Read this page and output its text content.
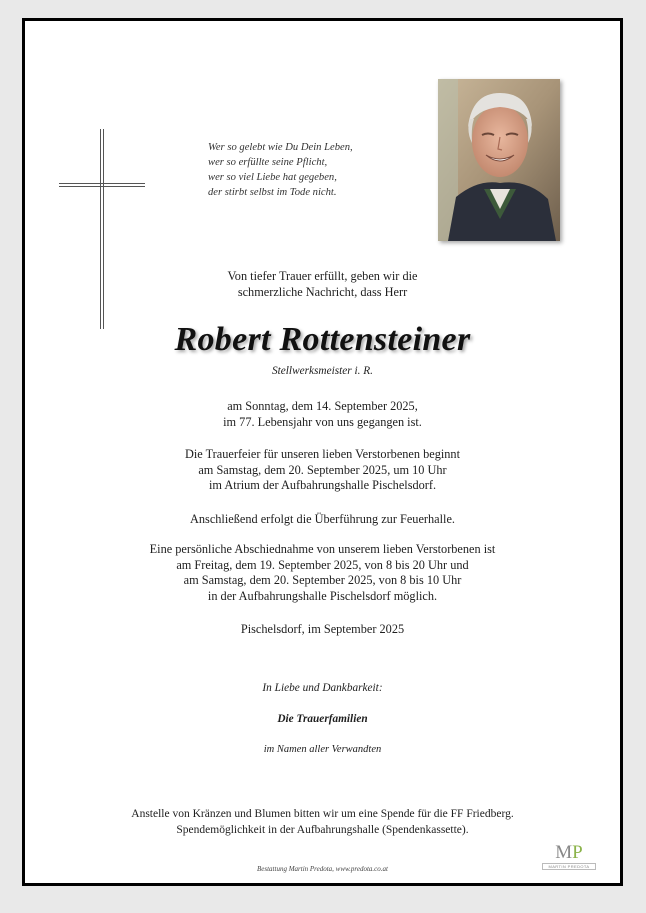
Wer so gelebt wie Du Dein Leben,
wer so erfüllte seine Pflicht,
wer so viel Liebe hat gegeben,
der stirbt selbst im Tode nicht.
Von tiefer Trauer erfüllt, geben wir die
schmerzliche Nachricht, dass Herr
Robert Rottensteiner
Stellwerksmeister i. R.
am Sonntag, dem 14. September 2025,
im 77. Lebensjahr von uns gegangen ist.
Die Trauerfeier für unseren lieben Verstorbenen beginnt
am Samstag, dem 20. September 2025, um 10 Uhr
im Atrium der Aufbahrungshalle Pischelsdorf.
Anschließend erfolgt die Überführung zur Feuerhalle.
Eine persönliche Abschiednahme von unserem lieben Verstorbenen ist
am Freitag, dem 19. September 2025, von 8 bis 20 Uhr und
am Samstag, dem 20. September 2025, von 8 bis 10 Uhr
in der Aufbahrungshalle Pischelsdorf möglich.
Pischelsdorf, im September 2025
In Liebe und Dankbarkeit:
Die Trauerfamilien
im Namen aller Verwandten
Anstelle von Kränzen und Blumen bitten wir um eine Spende für die FF Friedberg.
Spendemöglichkeit in der Aufbahrungshalle (Spendenkassette).
Bestattung Martin Predota, www.predota.co.at
MP
MARTIN PREDOTA
